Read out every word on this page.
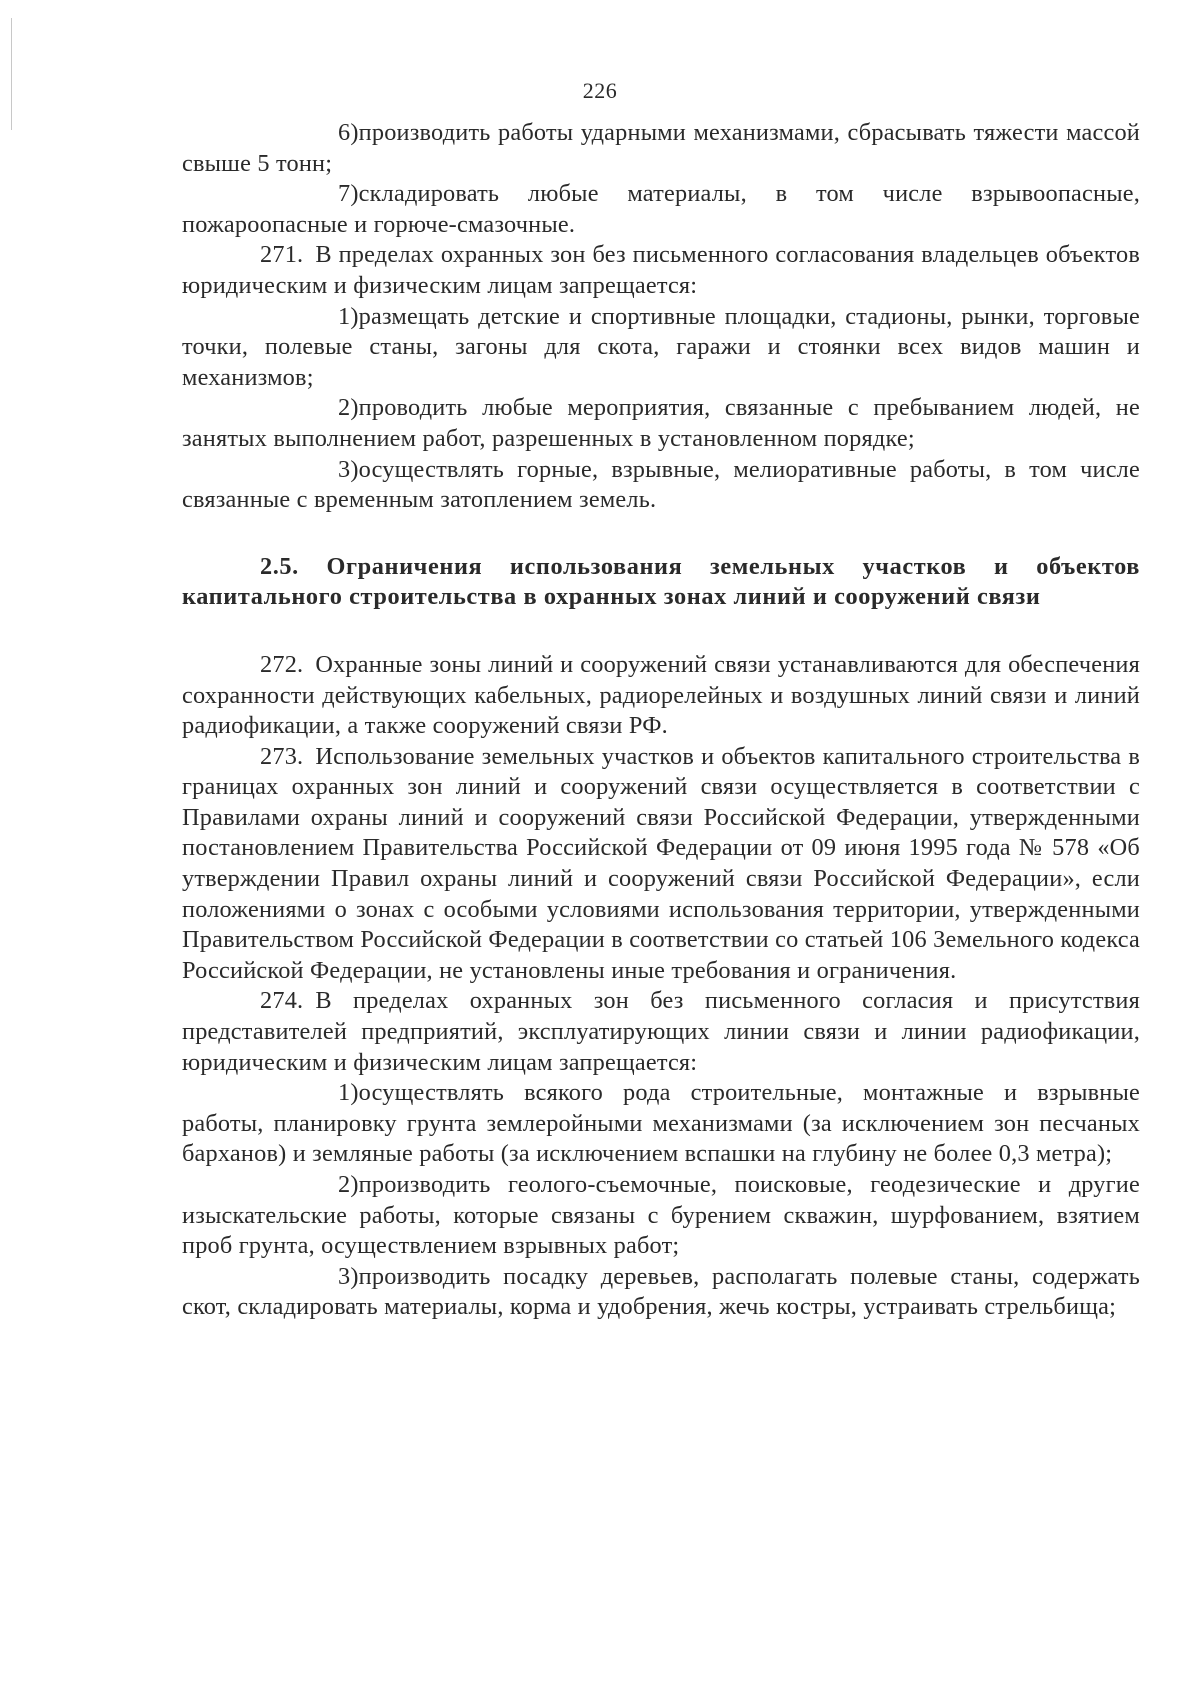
226

6)производить работы ударными механизмами, сбрасывать тяжести массой свыше 5 тонн;

7)складировать любые материалы, в том числе взрывоопасные, пожароопасные и горюче-смазочные.

271. В пределах охранных зон без письменного согласования владельцев объектов юридическим и физическим лицам запрещается:

1)размещать детские и спортивные площадки, стадионы, рынки, торговые точки, полевые станы, загоны для скота, гаражи и стоянки всех видов машин и механизмов;

2)проводить любые мероприятия, связанные с пребыванием людей, не занятых выполнением работ, разрешенных в установленном порядке;

3)осуществлять горные, взрывные, мелиоративные работы, в том числе связанные с временным затоплением земель.

2.5. Ограничения использования земельных участков и объектов капитального строительства в охранных зонах линий и сооружений связи

272. Охранные зоны линий и сооружений связи устанавливаются для обеспечения сохранности действующих кабельных, радиорелейных и воздушных линий связи и линий радиофикации, а также сооружений связи РФ.

273. Использование земельных участков и объектов капитального строительства в границах охранных зон линий и сооружений связи осуществляется в соответствии с Правилами охраны линий и сооружений связи Российской Федерации, утвержденными постановлением Правительства Российской Федерации от 09 июня 1995 года № 578 «Об утверждении Правил охраны линий и сооружений связи Российской Федерации», если положениями о зонах с особыми условиями использования территории, утвержденными Правительством Российской Федерации в соответствии со статьей 106 Земельного кодекса Российской Федерации, не установлены иные требования и ограничения.

274. В пределах охранных зон без письменного согласия и присутствия представителей предприятий, эксплуатирующих линии связи и линии радиофикации, юридическим и физическим лицам запрещается:

1)осуществлять всякого рода строительные, монтажные и взрывные работы, планировку грунта землеройными механизмами (за исключением зон песчаных барханов) и земляные работы (за исключением вспашки на глубину не более 0,3 метра);

2)производить геолого-съемочные, поисковые, геодезические и другие изыскательские работы, которые связаны с бурением скважин, шурфованием, взятием проб грунта, осуществлением взрывных работ;

3)производить посадку деревьев, располагать полевые станы, содержать скот, складировать материалы, корма и удобрения, жечь костры, устраивать стрельбища;
